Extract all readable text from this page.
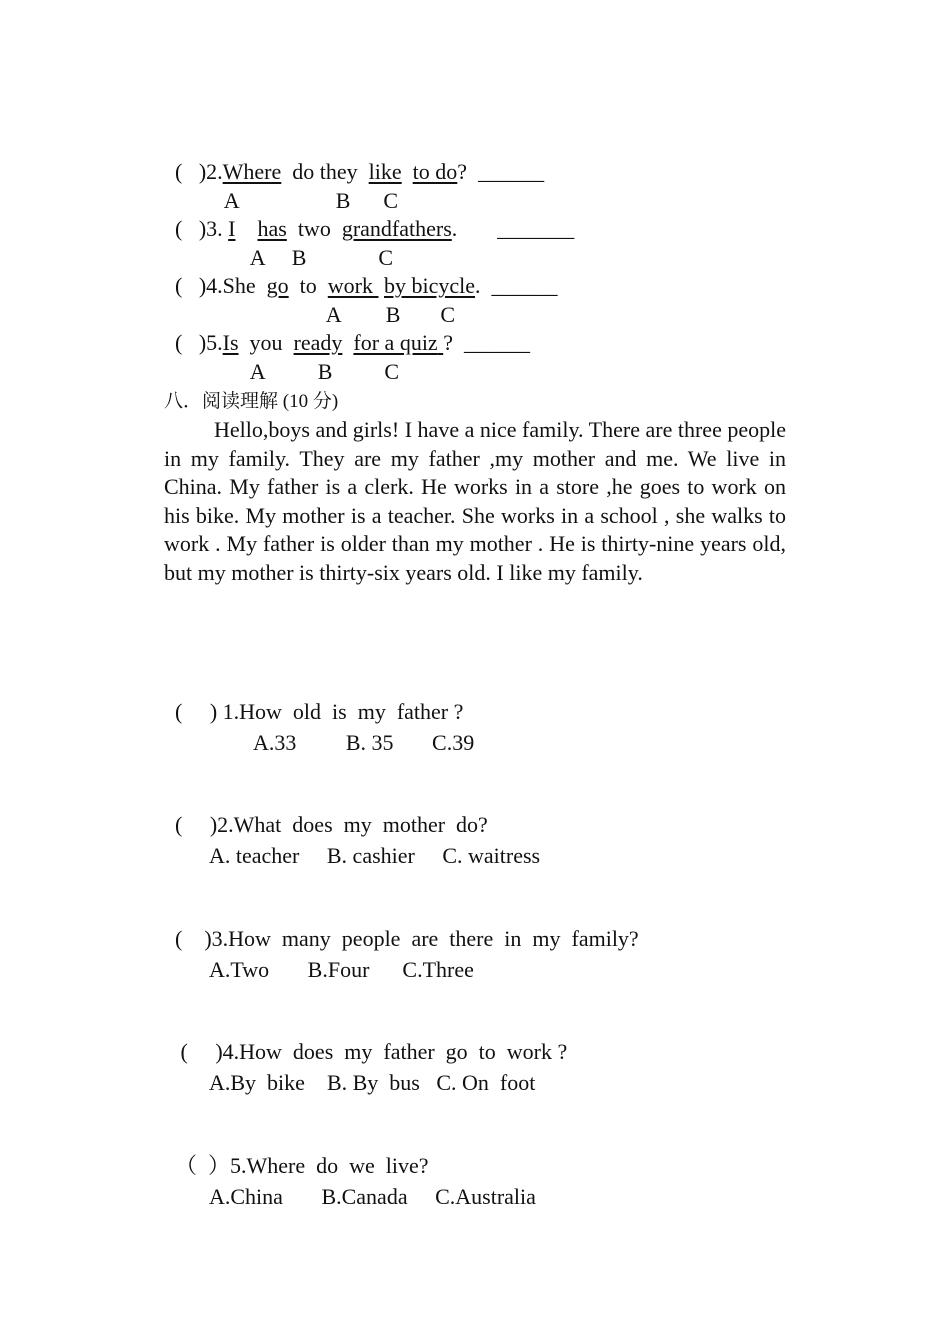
( )2.Where do they like to do? ______

A	B C

( )3. I has two grandfathers. _______

A B	C

( )4.She go to work by bicycle. ______

A B C

( )5.Is you ready for a quiz ? ______

A B C

八．阅读理解 (10 分)

Hello,boys and girls! I have a nice family. There are three people in my family. They are my father ,my mother and me. We live in China. My father is a clerk. He works in a store ,he goes to work on his bike. My mother is a teacher. She works in a school , she walks to work . My father is older than my mother . He is thirty-nine years old, but my mother is thirty-six years old. I like my family.

(     ) 1.How  old  is  my  father ?

A.33         B. 35       C.39

(     )2.What  does  my  mother  do?

A. teacher     B. cashier     C. waitress

(    )3.How  many  people  are  there  in  my  family?

A.Two       B.Four      C.Three

(     )4.How  does  my  father  go  to  work ?

A.By  bike    B. By  bus   C. On  foot

（  ）5.Where  do  we  live?

A.China       B.Canada     C.Australia
